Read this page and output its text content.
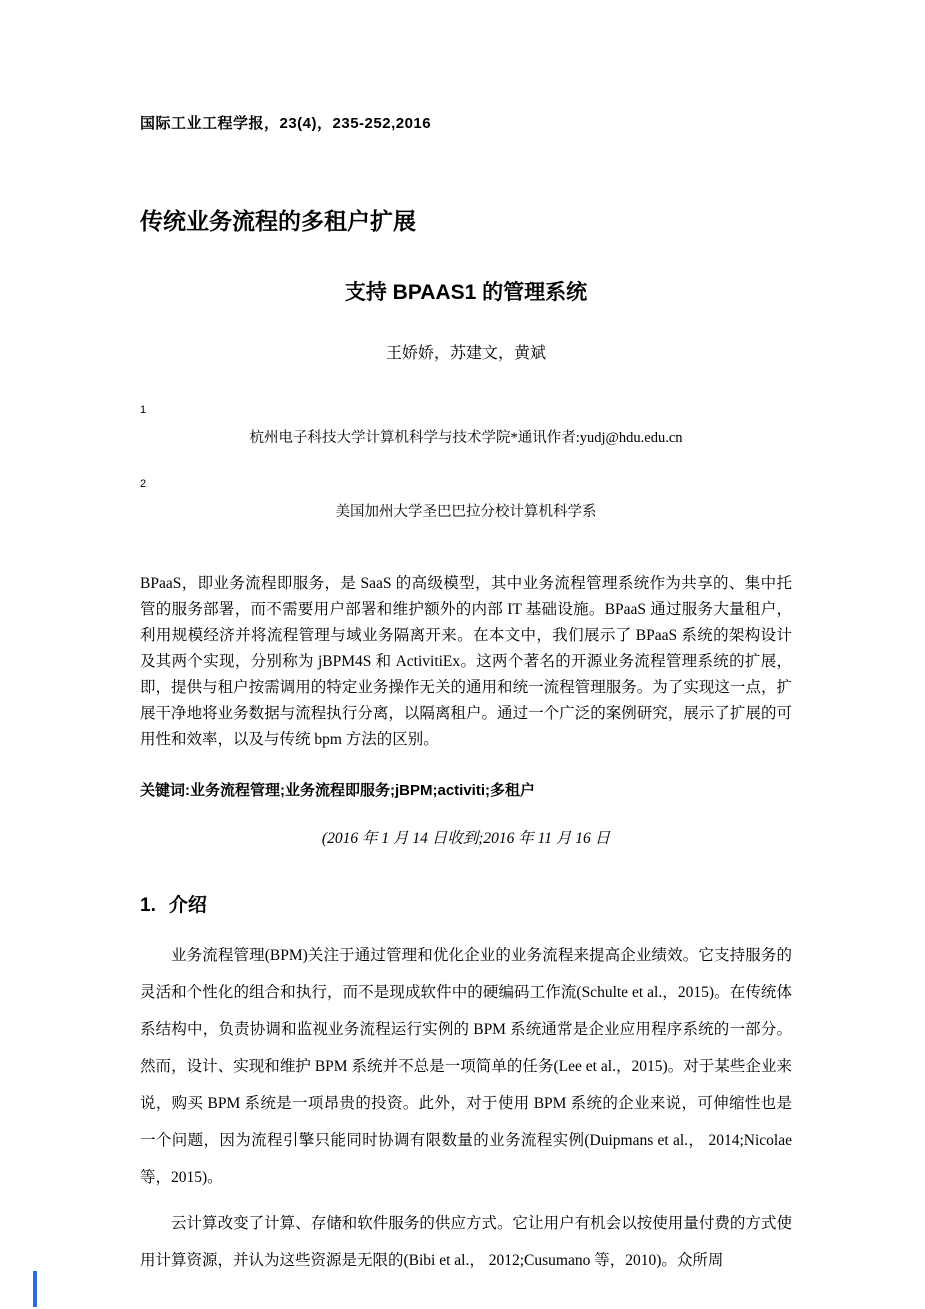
国际工业工程学报，23(4)，235-252,2016
传统业务流程的多租户扩展
支持 BPAAS1 的管理系统
王娇娇，苏建文，黄斌
1
杭州电子科技大学计算机科学与技术学院*通讯作者:yudj@hdu.edu.cn
2
美国加州大学圣巴巴拉分校计算机科学系
BPaaS，即业务流程即服务，是 SaaS 的高级模型，其中业务流程管理系统作为共享的、集中托管的服务部署，而不需要用户部署和维护额外的内部 IT 基础设施。BPaaS 通过服务大量租户，利用规模经济并将流程管理与域业务隔离开来。在本文中，我们展示了 BPaaS 系统的架构设计及其两个实现，分别称为 jBPM4S 和 ActivitiEx。这两个著名的开源业务流程管理系统的扩展，即，提供与租户按需调用的特定业务操作无关的通用和统一流程管理服务。为了实现这一点，扩展干净地将业务数据与流程执行分离，以隔离租户。通过一个广泛的案例研究，展示了扩展的可用性和效率，以及与传统 bpm 方法的区别。
关键词:业务流程管理;业务流程即服务;jBPM;activiti;多租户
(2016 年 1 月 14 日收到;2016 年 11 月 16 日
1. 介绍

业务流程管理(BPM)关注于通过管理和优化企业的业务流程来提高企业绩效。它支持服务的灵活和个性化的组合和执行，而不是现成软件中的硬编码工作流(Schulte et al.，2015)。在传统体系结构中，负责协调和监视业务流程运行实例的 BPM 系统通常是企业应用程序系统的一部分。然而，设计、实现和维护 BPM 系统并不总是一项简单的任务(Lee et al.，2015)。对于某些企业来说，购买 BPM 系统是一项昂贵的投资。此外，对于使用 BPM 系统的企业来说，可伸缩性也是一个问题，因为流程引擎只能同时协调有限数量的业务流程实例(Duipmans et al.， 2014;Nicolae 等，2015)。

云计算改变了计算、存储和软件服务的供应方式。它让用户有机会以按使用量付费的方式使用计算资源，并认为这些资源是无限的(Bibi et al.， 2012;Cusumano 等，2010)。众所周
